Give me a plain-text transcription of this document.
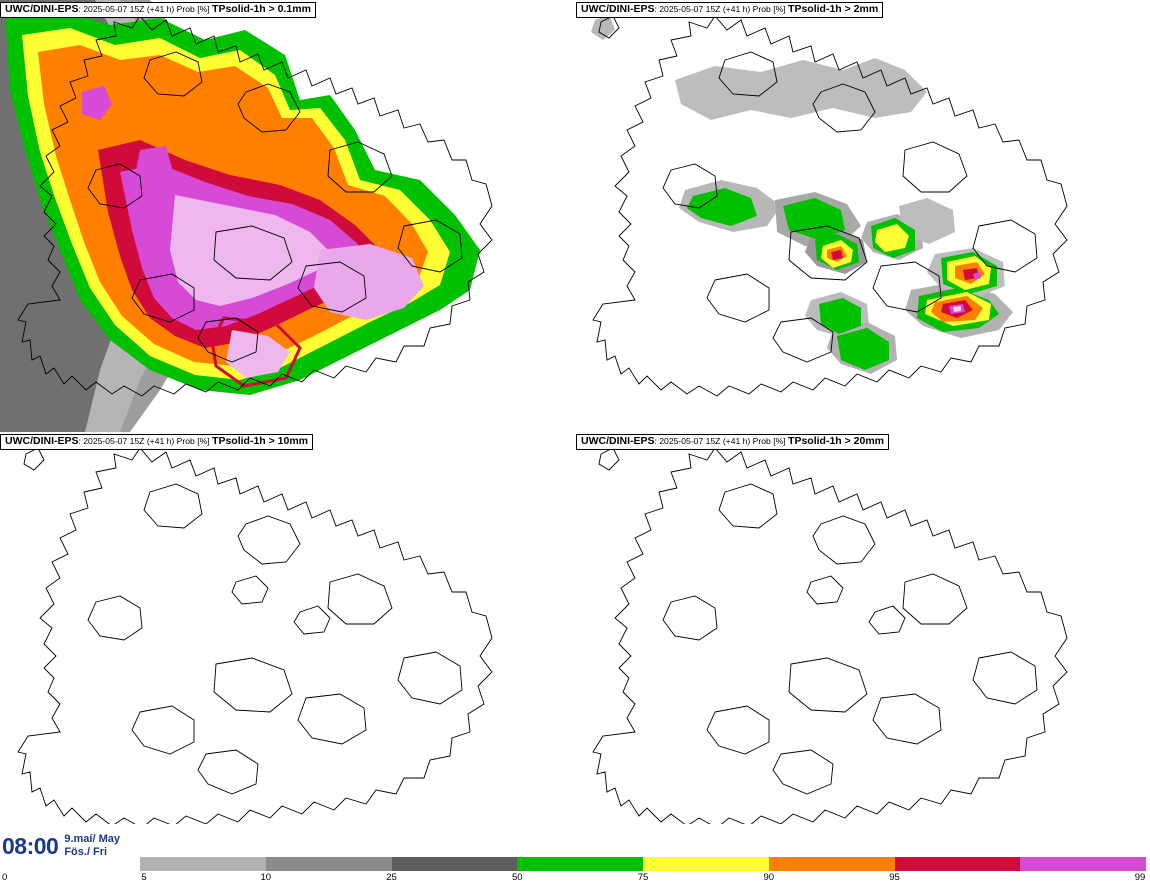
UWC/DINI-EPS: 2025-05-07 15Z (+41 h) Prob [%] TPsolid-1h > 0.1mm	UWC/DINI-EPS: 2025-05-07 15Z (+41 h) Prob [%] TPsolid-1h > 2mm
UWC/DINI-EPS: 2025-05-07 15Z (+41 h) Prob [%] TPsolid-1h > 10mm	UWC/DINI-EPS: 2025-05-07 15Z (+41 h) Prob [%] TPsolid-1h > 20mm
08:00 9.maí/ May
Fös./ Fri
0	5	10	25	50	75	90	95	99
